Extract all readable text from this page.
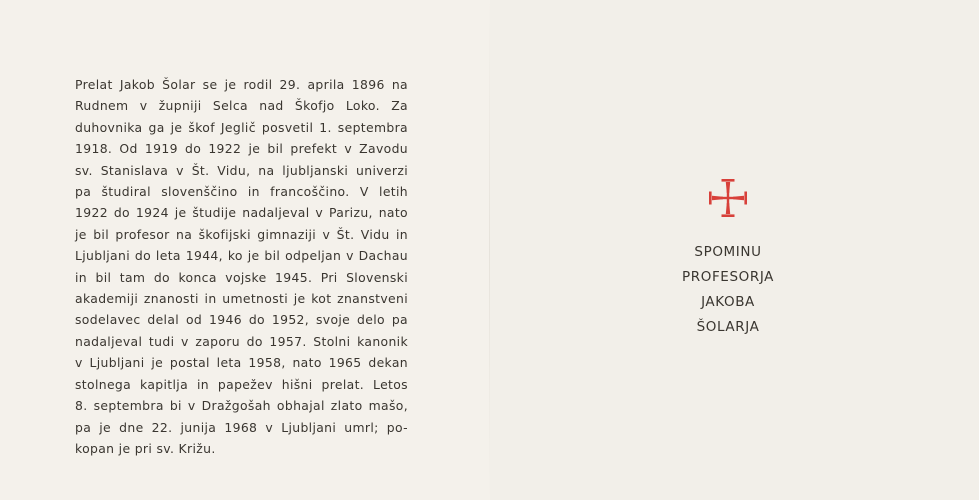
Prelat Jakob Šolar se je rodil 29. aprila 1896 na
Rudnem v župniji Selca nad Škofjo Loko. Za
duhovnika ga je škof Jeglič posvetil 1. septembra
1918. Od 1919 do 1922 je bil prefekt v Zavodu
sv. Stanislava v Št. Vidu, na ljubljanski univerzi
pa študiral slovenščino in francoščino. V letih
1922 do 1924 je študije nadaljeval v Parizu, nato
je bil profesor na škofijski gimnaziji v Št. Vidu in
Ljubljani do leta 1944, ko je bil odpeljan v Dachau
in bil tam do konca vojske 1945. Pri Slovenski
akademiji znanosti in umetnosti je kot znanstveni
sodelavec delal od 1946 do 1952, svoje delo pa
nadaljeval tudi v zaporu do 1957. Stolni kanonik
v Ljubljani je postal leta 1958, nato 1965 dekan
stolnega kapitlja in papežev hišni prelat. Letos
8. septembra bi v Dražgošah obhajal zlato mašo,
pa je dne 22. junija 1968 v Ljubljani umrl; po-
kopan je pri sv. Križu.
SPOMINU
PROFESORJA
JAKOBA
ŠOLARJA
